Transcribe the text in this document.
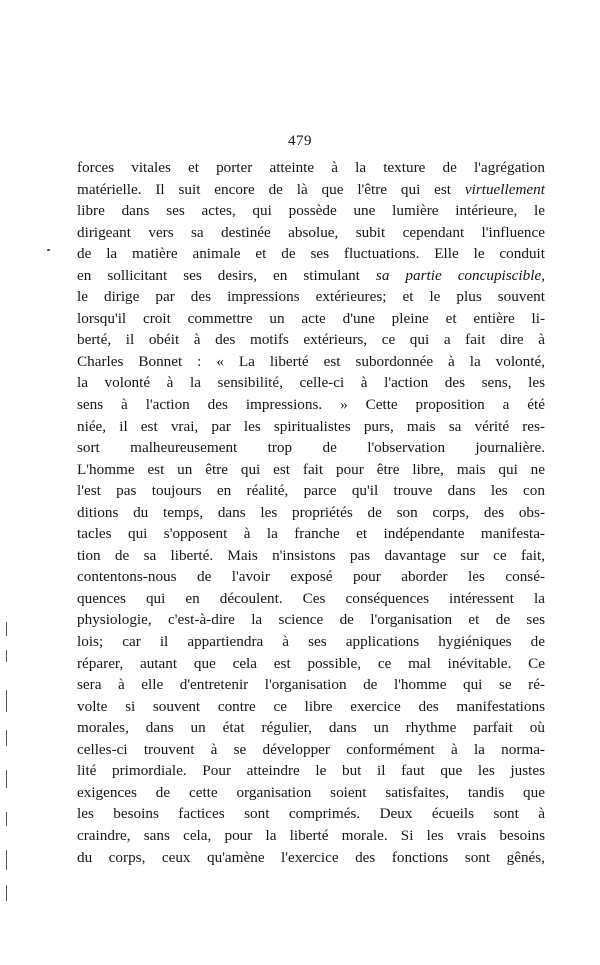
479
forces vitales et porter atteinte à la texture de l'agrégation
matérielle. Il suit encore de là que l'être qui est virtuellement
libre dans ses actes, qui possède une lumière intérieure, le
dirigeant vers sa destinée absolue, subit cependant l'influence
de la matière animale et de ses fluctuations. Elle le conduit
en sollicitant ses desirs, en stimulant sa partie concupiscible,
le dirige par des impressions extérieures; et le plus souvent
lorsqu'il croit commettre un acte d'une pleine et entière li-
berté, il obéit à des motifs extérieurs, ce qui a fait dire à
Charles Bonnet : « La liberté est subordonnée à la volonté,
la volonté à la sensibilité, celle-ci à l'action des sens, les
sens à l'action des impressions. » Cette proposition a été
niée, il est vrai, par les spiritualistes purs, mais sa vérité res-
sort malheureusement trop de l'observation journalière.
L'homme est un être qui est fait pour être libre, mais qui ne
l'est pas toujours en réalité, parce qu'il trouve dans les con
ditions du temps, dans les propriétés de son corps, des obs-
tacles qui s'opposent à la franche et indépendante manifesta-
tion de sa liberté. Mais n'insistons pas davantage sur ce fait,
contentons-nous de l'avoir exposé pour aborder les consé-
quences qui en découlent. Ces conséquences intéressent la
physiologie, c'est-à-dire la science de l'organisation et de ses
lois; car il appartiendra à ses applications hygiéniques de
réparer, autant que cela est possible, ce mal inévitable. Ce
sera à elle d'entretenir l'organisation de l'homme qui se ré-
volte si souvent contre ce libre exercice des manifestations
morales, dans un état régulier, dans un rhythme parfait où
celles-ci trouvent à se développer conformément à la norma-
lité primordiale. Pour atteindre le but il faut que les justes
exigences de cette organisation soient satisfaites, tandis que
les besoins factices sont comprimés. Deux écueils sont à
craindre, sans cela, pour la liberté morale. Si les vrais besoins
du corps, ceux qu'amène l'exercice des fonctions sont gênés,
